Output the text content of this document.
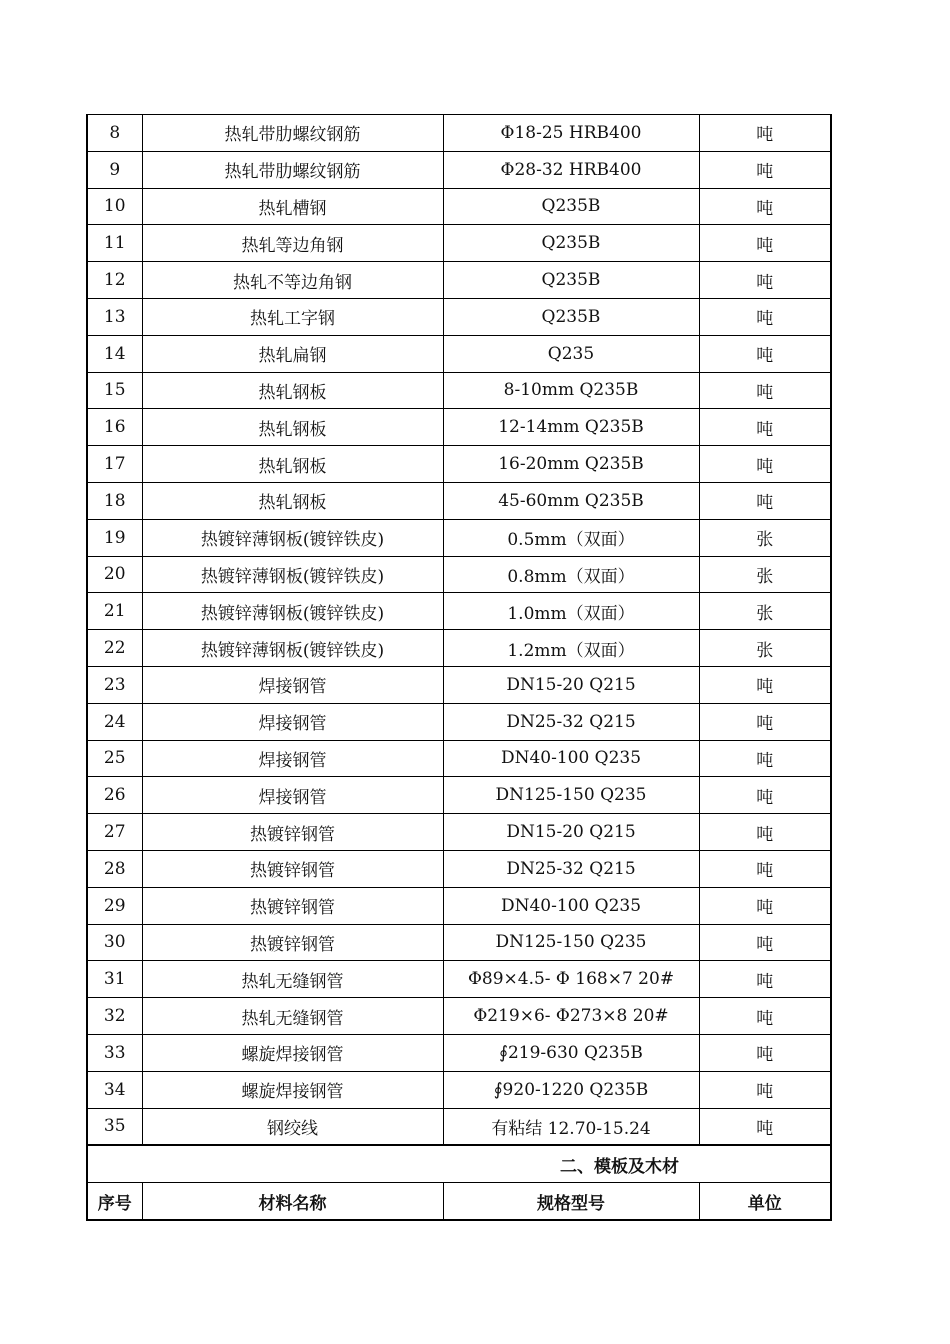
8	热轧带肋螺纹钢筋	Φ18-25 HRB400	吨
9	热轧带肋螺纹钢筋	Φ28-32 HRB400	吨
10	热轧槽钢	Q235B	吨
11	热轧等边角钢	Q235B	吨
12	热轧不等边角钢	Q235B	吨
13	热轧工字钢	Q235B	吨
14	热轧扁钢	Q235	吨
15	热轧钢板	8-10mm Q235B	吨
16	热轧钢板	12-14mm Q235B	吨
17	热轧钢板	16-20mm Q235B	吨
18	热轧钢板	45-60mm Q235B	吨
19	热镀锌薄钢板(镀锌铁皮)	0.5mm（双面）	张
20	热镀锌薄钢板(镀锌铁皮)	0.8mm（双面）	张
21	热镀锌薄钢板(镀锌铁皮)	1.0mm（双面）	张
22	热镀锌薄钢板(镀锌铁皮)	1.2mm（双面）	张
23	焊接钢管	DN15-20 Q215	吨
24	焊接钢管	DN25-32 Q215	吨
25	焊接钢管	DN40-100 Q235	吨
26	焊接钢管	DN125-150 Q235	吨
27	热镀锌钢管	DN15-20 Q215	吨
28	热镀锌钢管	DN25-32 Q215	吨
29	热镀锌钢管	DN40-100 Q235	吨
30	热镀锌钢管	DN125-150 Q235	吨
31	热轧无缝钢管	Φ89×4.5- Φ 168×7 20#	吨
32	热轧无缝钢管	Φ219×6- Φ273×8 20#	吨
33	螺旋焊接钢管	∮219-630 Q235B	吨
34	螺旋焊接钢管	∮920-1220 Q235B	吨
35	钢绞线	有粘结 12.70-15.24	吨
二、模板及木材			
序号	材料名称	规格型号	单位
